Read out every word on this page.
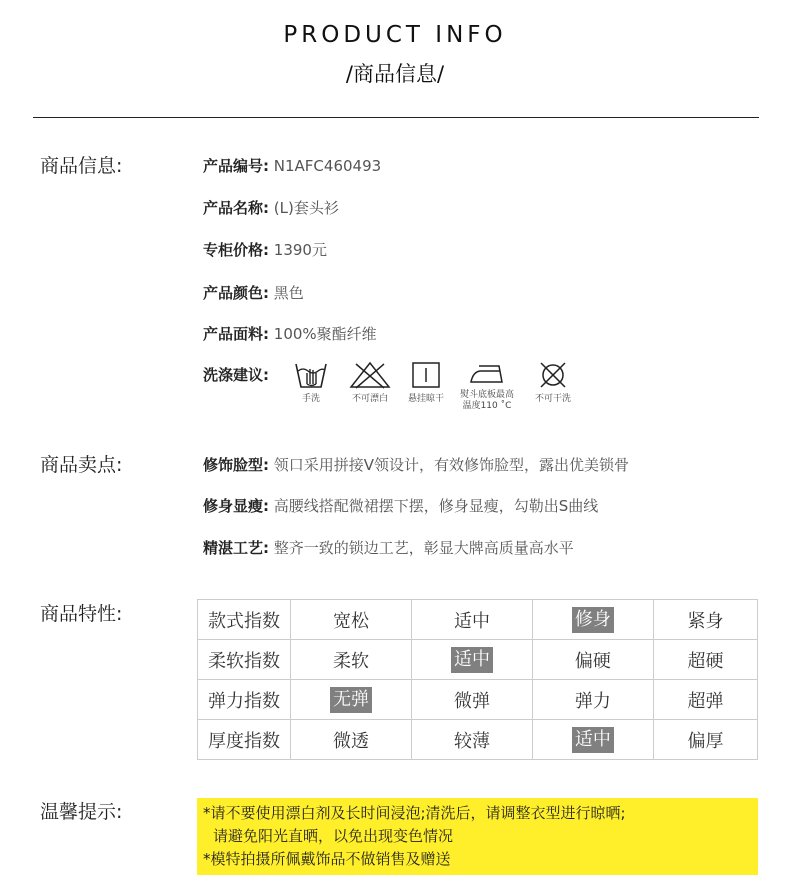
PRODUCT INFO
/商品信息/
商品信息:	产品编号: N1AFC460493
产品名称: (L)套头衫
专柜价格: 1390元
产品颜色: 黑色
产品面料: 100%聚酯纤维
洗涤建议:
手洗	不可漂白	悬挂晾干	熨斗底板最高
温度110 ˚C
不可干洗
商品卖点:	修饰脸型: 领口采用拼接V领设计，有效修饰脸型，露出优美锁骨
修身显瘦: 高腰线搭配微裙摆下摆，修身显瘦，勾勒出S曲线
精湛工艺: 整齐一致的锁边工艺，彰显大牌高质量高水平
商品特性:	款式指数	宽松	适中	修身	紧身
柔软指数	柔软	适中	偏硬	超硬
弹力指数	无弹	微弹	弹力	超弹
厚度指数	微透	较薄	适中	偏厚
温馨提示:	*请不要使用漂白剂及长时间浸泡;清洗后，请调整衣型进行晾晒;
请避免阳光直晒，以免出现变色情况
*模特拍摄所佩戴饰品不做销售及赠送
